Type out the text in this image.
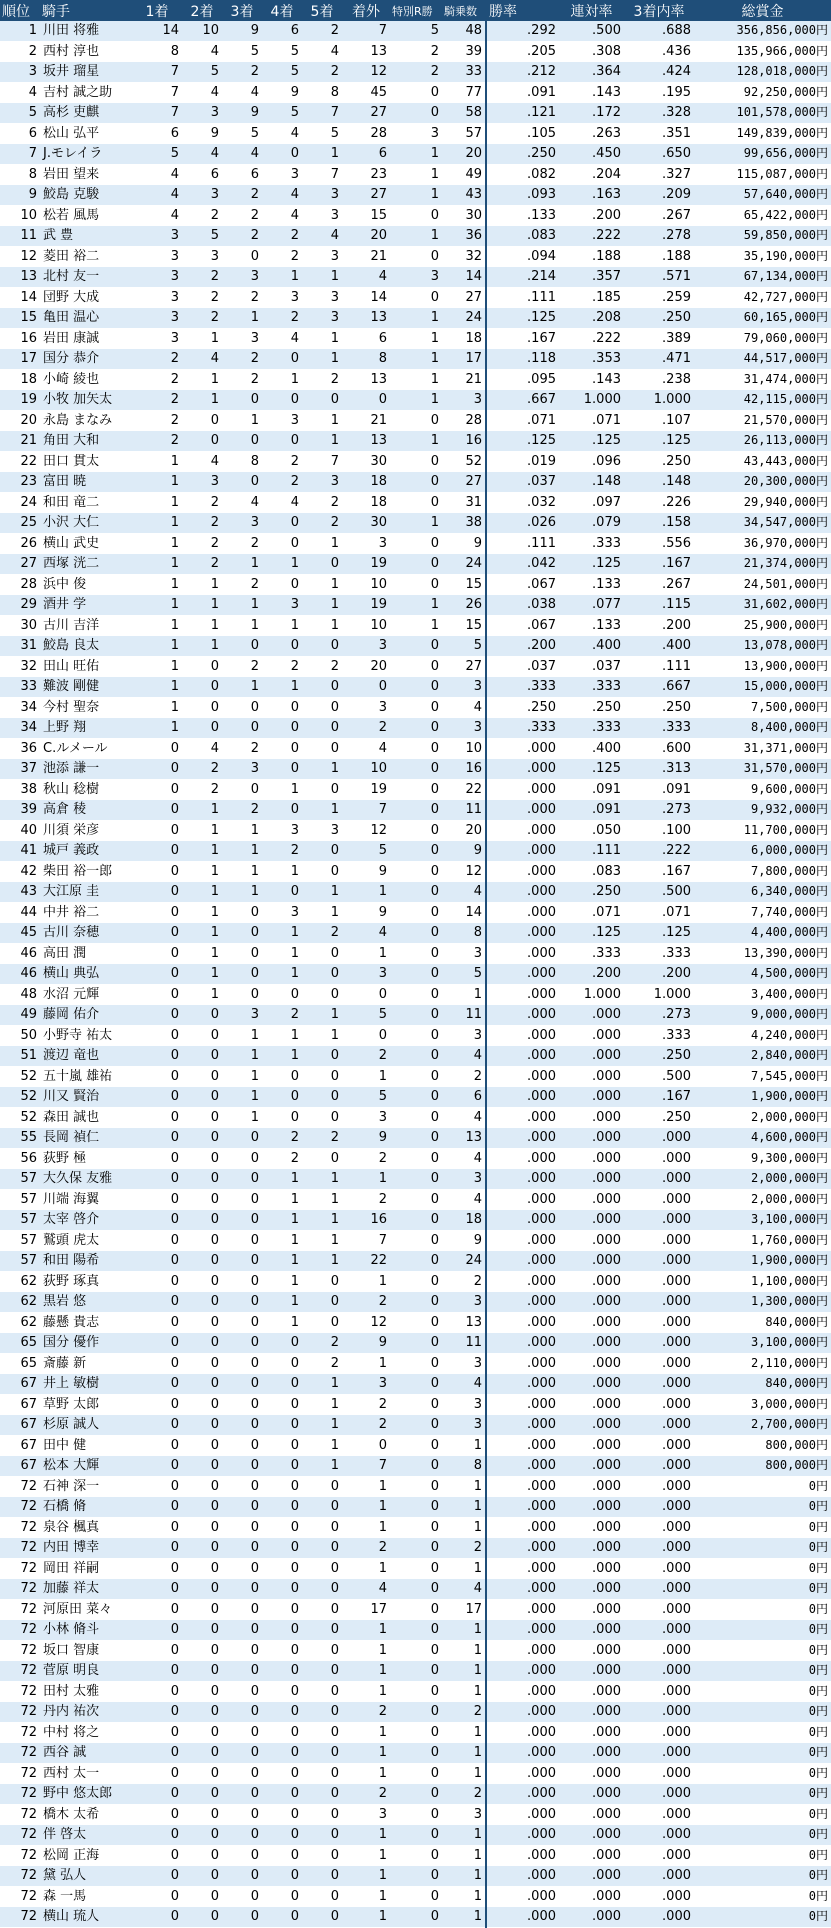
順位	騎手	1着	2着	3着	4着	5着	着外	特別R勝	騎乗数	勝率	連対率	3着内率	総賞金
1	川田 将雅	14	10	9	6	2	7	5	48	.292	.500	.688	356,856,000円
2	西村 淳也	8	4	5	5	4	13	2	39	.205	.308	.436	135,966,000円
3	坂井 瑠星	7	5	2	5	2	12	2	33	.212	.364	.424	128,018,000円
4	吉村 誠之助	7	4	4	9	8	45	0	77	.091	.143	.195	92,250,000円
5	高杉 吏麒	7	3	9	5	7	27	0	58	.121	.172	.328	101,578,000円
6	松山 弘平	6	9	5	4	5	28	3	57	.105	.263	.351	149,839,000円
7	J.モレイラ	5	4	4	0	1	6	1	20	.250	.450	.650	99,656,000円
8	岩田 望来	4	6	6	3	7	23	1	49	.082	.204	.327	115,087,000円
9	鮫島 克駿	4	3	2	4	3	27	1	43	.093	.163	.209	57,640,000円
10	松若 風馬	4	2	2	4	3	15	0	30	.133	.200	.267	65,422,000円
11	武 豊	3	5	2	2	4	20	1	36	.083	.222	.278	59,850,000円
12	菱田 裕二	3	3	0	2	3	21	0	32	.094	.188	.188	35,190,000円
13	北村 友一	3	2	3	1	1	4	3	14	.214	.357	.571	67,134,000円
14	団野 大成	3	2	2	3	3	14	0	27	.111	.185	.259	42,727,000円
15	亀田 温心	3	2	1	2	3	13	1	24	.125	.208	.250	60,165,000円
16	岩田 康誠	3	1	3	4	1	6	1	18	.167	.222	.389	79,060,000円
17	国分 恭介	2	4	2	0	1	8	1	17	.118	.353	.471	44,517,000円
18	小崎 綾也	2	1	2	1	2	13	1	21	.095	.143	.238	31,474,000円
19	小牧 加矢太	2	1	0	0	0	0	1	3	.667	1.000	1.000	42,115,000円
20	永島 まなみ	2	0	1	3	1	21	0	28	.071	.071	.107	21,570,000円
21	角田 大和	2	0	0	0	1	13	1	16	.125	.125	.125	26,113,000円
22	田口 貫太	1	4	8	2	7	30	0	52	.019	.096	.250	43,443,000円
23	富田 暁	1	3	0	2	3	18	0	27	.037	.148	.148	20,300,000円
24	和田 竜二	1	2	4	4	2	18	0	31	.032	.097	.226	29,940,000円
25	小沢 大仁	1	2	3	0	2	30	1	38	.026	.079	.158	34,547,000円
26	横山 武史	1	2	2	0	1	3	0	9	.111	.333	.556	36,970,000円
27	西塚 洸二	1	2	1	1	0	19	0	24	.042	.125	.167	21,374,000円
28	浜中 俊	1	1	2	0	1	10	0	15	.067	.133	.267	24,501,000円
29	酒井 学	1	1	1	3	1	19	1	26	.038	.077	.115	31,602,000円
30	古川 吉洋	1	1	1	1	1	10	1	15	.067	.133	.200	25,900,000円
31	鮫島 良太	1	1	0	0	0	3	0	5	.200	.400	.400	13,078,000円
32	田山 旺佑	1	0	2	2	2	20	0	27	.037	.037	.111	13,900,000円
33	難波 剛健	1	0	1	1	0	0	0	3	.333	.333	.667	15,000,000円
34	今村 聖奈	1	0	0	0	0	3	0	4	.250	.250	.250	7,500,000円
34	上野 翔	1	0	0	0	0	2	0	3	.333	.333	.333	8,400,000円
36	C.ルメール	0	4	2	0	0	4	0	10	.000	.400	.600	31,371,000円
37	池添 謙一	0	2	3	0	1	10	0	16	.000	.125	.313	31,570,000円
38	秋山 稔樹	0	2	0	1	0	19	0	22	.000	.091	.091	9,600,000円
39	高倉 稜	0	1	2	0	1	7	0	11	.000	.091	.273	9,932,000円
40	川須 栄彦	0	1	1	3	3	12	0	20	.000	.050	.100	11,700,000円
41	城戸 義政	0	1	1	2	0	5	0	9	.000	.111	.222	6,000,000円
42	柴田 裕一郎	0	1	1	1	0	9	0	12	.000	.083	.167	7,800,000円
43	大江原 圭	0	1	1	0	1	1	0	4	.000	.250	.500	6,340,000円
44	中井 裕二	0	1	0	3	1	9	0	14	.000	.071	.071	7,740,000円
45	古川 奈穂	0	1	0	1	2	4	0	8	.000	.125	.125	4,400,000円
46	高田 潤	0	1	0	1	0	1	0	3	.000	.333	.333	13,390,000円
46	横山 典弘	0	1	0	1	0	3	0	5	.000	.200	.200	4,500,000円
48	水沼 元輝	0	1	0	0	0	0	0	1	.000	1.000	1.000	3,400,000円
49	藤岡 佑介	0	0	3	2	1	5	0	11	.000	.000	.273	9,000,000円
50	小野寺 祐太	0	0	1	1	1	0	0	3	.000	.000	.333	4,240,000円
51	渡辺 竜也	0	0	1	1	0	2	0	4	.000	.000	.250	2,840,000円
52	五十嵐 雄祐	0	0	1	0	0	1	0	2	.000	.000	.500	7,545,000円
52	川又 賢治	0	0	1	0	0	5	0	6	.000	.000	.167	1,900,000円
52	森田 誠也	0	0	1	0	0	3	0	4	.000	.000	.250	2,000,000円
55	長岡 禎仁	0	0	0	2	2	9	0	13	.000	.000	.000	4,600,000円
56	荻野 極	0	0	0	2	0	2	0	4	.000	.000	.000	9,300,000円
57	大久保 友雅	0	0	0	1	1	1	0	3	.000	.000	.000	2,000,000円
57	川端 海翼	0	0	0	1	1	2	0	4	.000	.000	.000	2,000,000円
57	太宰 啓介	0	0	0	1	1	16	0	18	.000	.000	.000	3,100,000円
57	鷲頭 虎太	0	0	0	1	1	7	0	9	.000	.000	.000	1,760,000円
57	和田 陽希	0	0	0	1	1	22	0	24	.000	.000	.000	1,900,000円
62	荻野 琢真	0	0	0	1	0	1	0	2	.000	.000	.000	1,100,000円
62	黒岩 悠	0	0	0	1	0	2	0	3	.000	.000	.000	1,300,000円
62	藤懸 貴志	0	0	0	1	0	12	0	13	.000	.000	.000	840,000円
65	国分 優作	0	0	0	0	2	9	0	11	.000	.000	.000	3,100,000円
65	斎藤 新	0	0	0	0	2	1	0	3	.000	.000	.000	2,110,000円
67	井上 敏樹	0	0	0	0	1	3	0	4	.000	.000	.000	840,000円
67	草野 太郎	0	0	0	0	1	2	0	3	.000	.000	.000	3,000,000円
67	杉原 誠人	0	0	0	0	1	2	0	3	.000	.000	.000	2,700,000円
67	田中 健	0	0	0	0	1	0	0	1	.000	.000	.000	800,000円
67	松本 大輝	0	0	0	0	1	7	0	8	.000	.000	.000	800,000円
72	石神 深一	0	0	0	0	0	1	0	1	.000	.000	.000	0円
72	石橋 脩	0	0	0	0	0	1	0	1	.000	.000	.000	0円
72	泉谷 楓真	0	0	0	0	0	1	0	1	.000	.000	.000	0円
72	内田 博幸	0	0	0	0	0	2	0	2	.000	.000	.000	0円
72	岡田 祥嗣	0	0	0	0	0	1	0	1	.000	.000	.000	0円
72	加藤 祥太	0	0	0	0	0	4	0	4	.000	.000	.000	0円
72	河原田 菜々	0	0	0	0	0	17	0	17	.000	.000	.000	0円
72	小林 脩斗	0	0	0	0	0	1	0	1	.000	.000	.000	0円
72	坂口 智康	0	0	0	0	0	1	0	1	.000	.000	.000	0円
72	菅原 明良	0	0	0	0	0	1	0	1	.000	.000	.000	0円
72	田村 太雅	0	0	0	0	0	1	0	1	.000	.000	.000	0円
72	丹内 祐次	0	0	0	0	0	2	0	2	.000	.000	.000	0円
72	中村 将之	0	0	0	0	0	1	0	1	.000	.000	.000	0円
72	西谷 誠	0	0	0	0	0	1	0	1	.000	.000	.000	0円
72	西村 太一	0	0	0	0	0	1	0	1	.000	.000	.000	0円
72	野中 悠太郎	0	0	0	0	0	2	0	2	.000	.000	.000	0円
72	橋木 太希	0	0	0	0	0	3	0	3	.000	.000	.000	0円
72	伴 啓太	0	0	0	0	0	1	0	1	.000	.000	.000	0円
72	松岡 正海	0	0	0	0	0	1	0	1	.000	.000	.000	0円
72	黛 弘人	0	0	0	0	0	1	0	1	.000	.000	.000	0円
72	森 一馬	0	0	0	0	0	1	0	1	.000	.000	.000	0円
72	横山 琉人	0	0	0	0	0	1	0	1	.000	.000	.000	0円
